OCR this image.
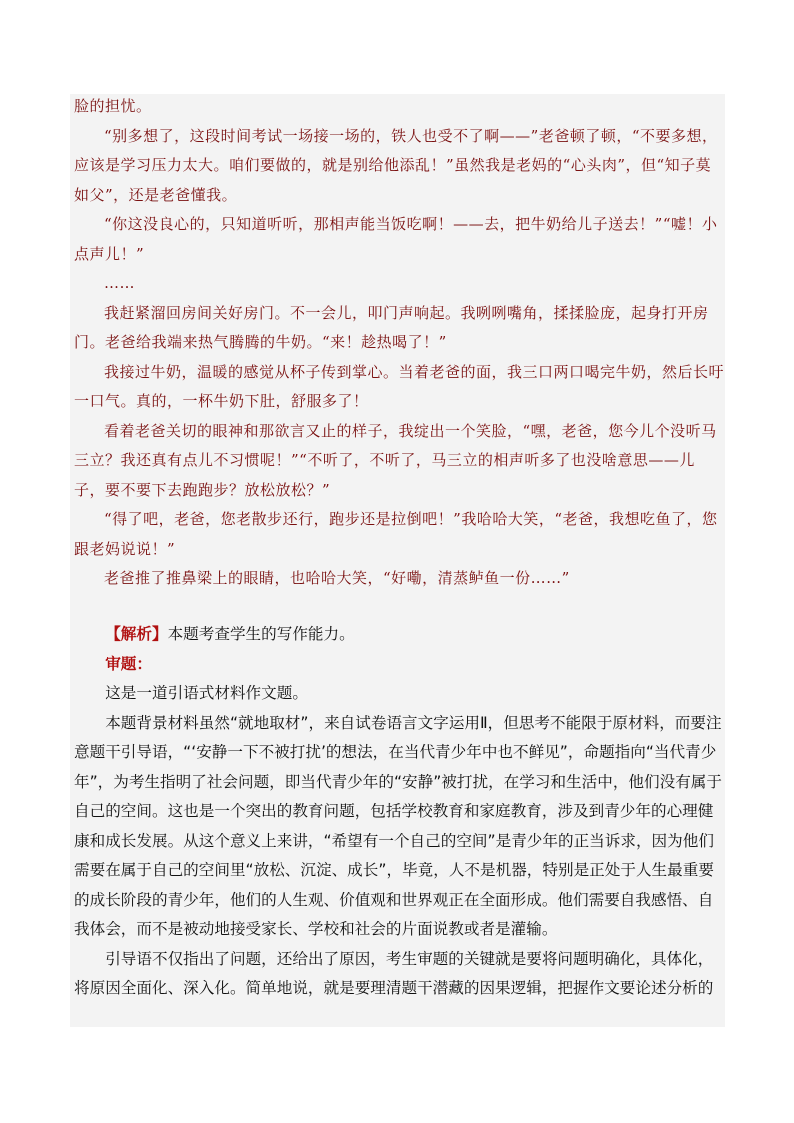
脸的担忧。

“别多想了，这段时间考试一场接一场的，铁人也受不了啊——”老爸顿了顿，“不要多想，应该是学习压力太大。咱们要做的，就是别给他添乱！”虽然我是老妈的“心头肉”，但“知子莫如父”，还是老爸懂我。

“你这没良心的，只知道听听，那相声能当饭吃啊！——去，把牛奶给儿子送去！”“嘘！小点声儿！”

……

我赶紧溜回房间关好房门。不一会儿，叩门声响起。我咧咧嘴角，揉揉脸庞，起身打开房门。老爸给我端来热气腾腾的牛奶。“来！趁热喝了！”

我接过牛奶，温暖的感觉从杯子传到掌心。当着老爸的面，我三口两口喝完牛奶，然后长吁一口气。真的，一杯牛奶下肚，舒服多了！

看着老爸关切的眼神和那欲言又止的样子，我绽出一个笑脸，“嘿，老爸，您今儿个没听马三立？我还真有点儿不习惯呢！”“不听了，不听了，马三立的相声听多了也没啥意思——儿子，要不要下去跑跑步？放松放松？”

“得了吧，老爸，您老散步还行，跑步还是拉倒吧！”我哈哈大笑，“老爸，我想吃鱼了，您跟老妈说说！”

老爸推了推鼻梁上的眼睛，也哈哈大笑，“好嘞，清蒸鲈鱼一份……”

【解析】本题考查学生的写作能力。

审题：

这是一道引语式材料作文题。

本题背景材料虽然“就地取材”，来自试卷语言文字运用Ⅱ，但思考不能限于原材料，而要注意题干引导语，“‘安静一下不被打扰’的想法，在当代青少年中也不鲜见”，命题指向“当代青少年”，为考生指明了社会问题，即当代青少年的“安静”被打扰，在学习和生活中，他们没有属于自己的空间。这也是一个突出的教育问题，包括学校教育和家庭教育，涉及到青少年的心理健康和成长发展。从这个意义上来讲，“希望有一个自己的空间”是青少年的正当诉求，因为他们需要在属于自己的空间里“放松、沉淀、成长”，毕竟，人不是机器，特别是正处于人生最重要的成长阶段的青少年，他们的人生观、价值观和世界观正在全面形成。他们需要自我感悟、自我体会，而不是被动地接受家长、学校和社会的片面说教或者是灌输。

引导语不仅指出了问题，还给出了原因，考生审题的关键就是要将问题明确化，具体化，将原因全面化、深入化。简单地说，就是要理清题干潜藏的因果逻辑，把握作文要论述分析的
